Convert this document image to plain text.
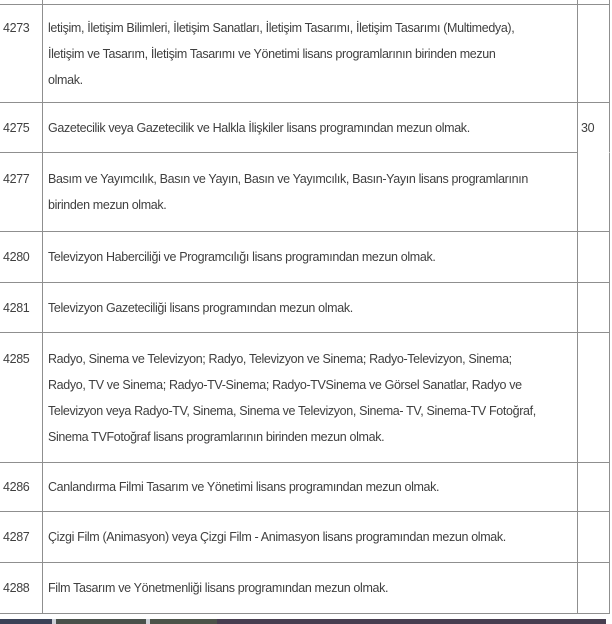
4273	letişim, İletişim Bilimleri, İletişim Sanatları, İletişim Tasarımı, İletişim Tasarımı (Multimedya),
İletişim ve Tasarım, İletişim Tasarımı ve Yönetimi lisans programlarının birinden mezun
olmak.
4275	Gazetecilik veya Gazetecilik ve Halkla İlişkiler lisans programından mezun olmak.	30
4277	Basım ve Yayımcılık, Basın ve Yayın, Basın ve Yayımcılık, Basın-Yayın lisans programlarının
birinden mezun olmak.
4280	Televizyon Haberciliği ve Programcılığı lisans programından mezun olmak.
4281	Televizyon Gazeteciliği lisans programından mezun olmak.
4285	Radyo, Sinema ve Televizyon; Radyo, Televizyon ve Sinema; Radyo-Televizyon, Sinema;
Radyo, TV ve Sinema; Radyo-TV-Sinema; Radyo-TVSinema ve Görsel Sanatlar, Radyo ve
Televizyon veya Radyo-TV, Sinema, Sinema ve Televizyon, Sinema- TV, Sinema-TV Fotoğraf,
Sinema TVFotoğraf lisans programlarının birinden mezun olmak.
4286	Canlandırma Filmi Tasarım ve Yönetimi lisans programından mezun olmak.
4287	Çizgi Film (Animasyon) veya Çizgi Film - Animasyon lisans programından mezun olmak.
4288	Film Tasarım ve Yönetmenliği lisans programından mezun olmak.
